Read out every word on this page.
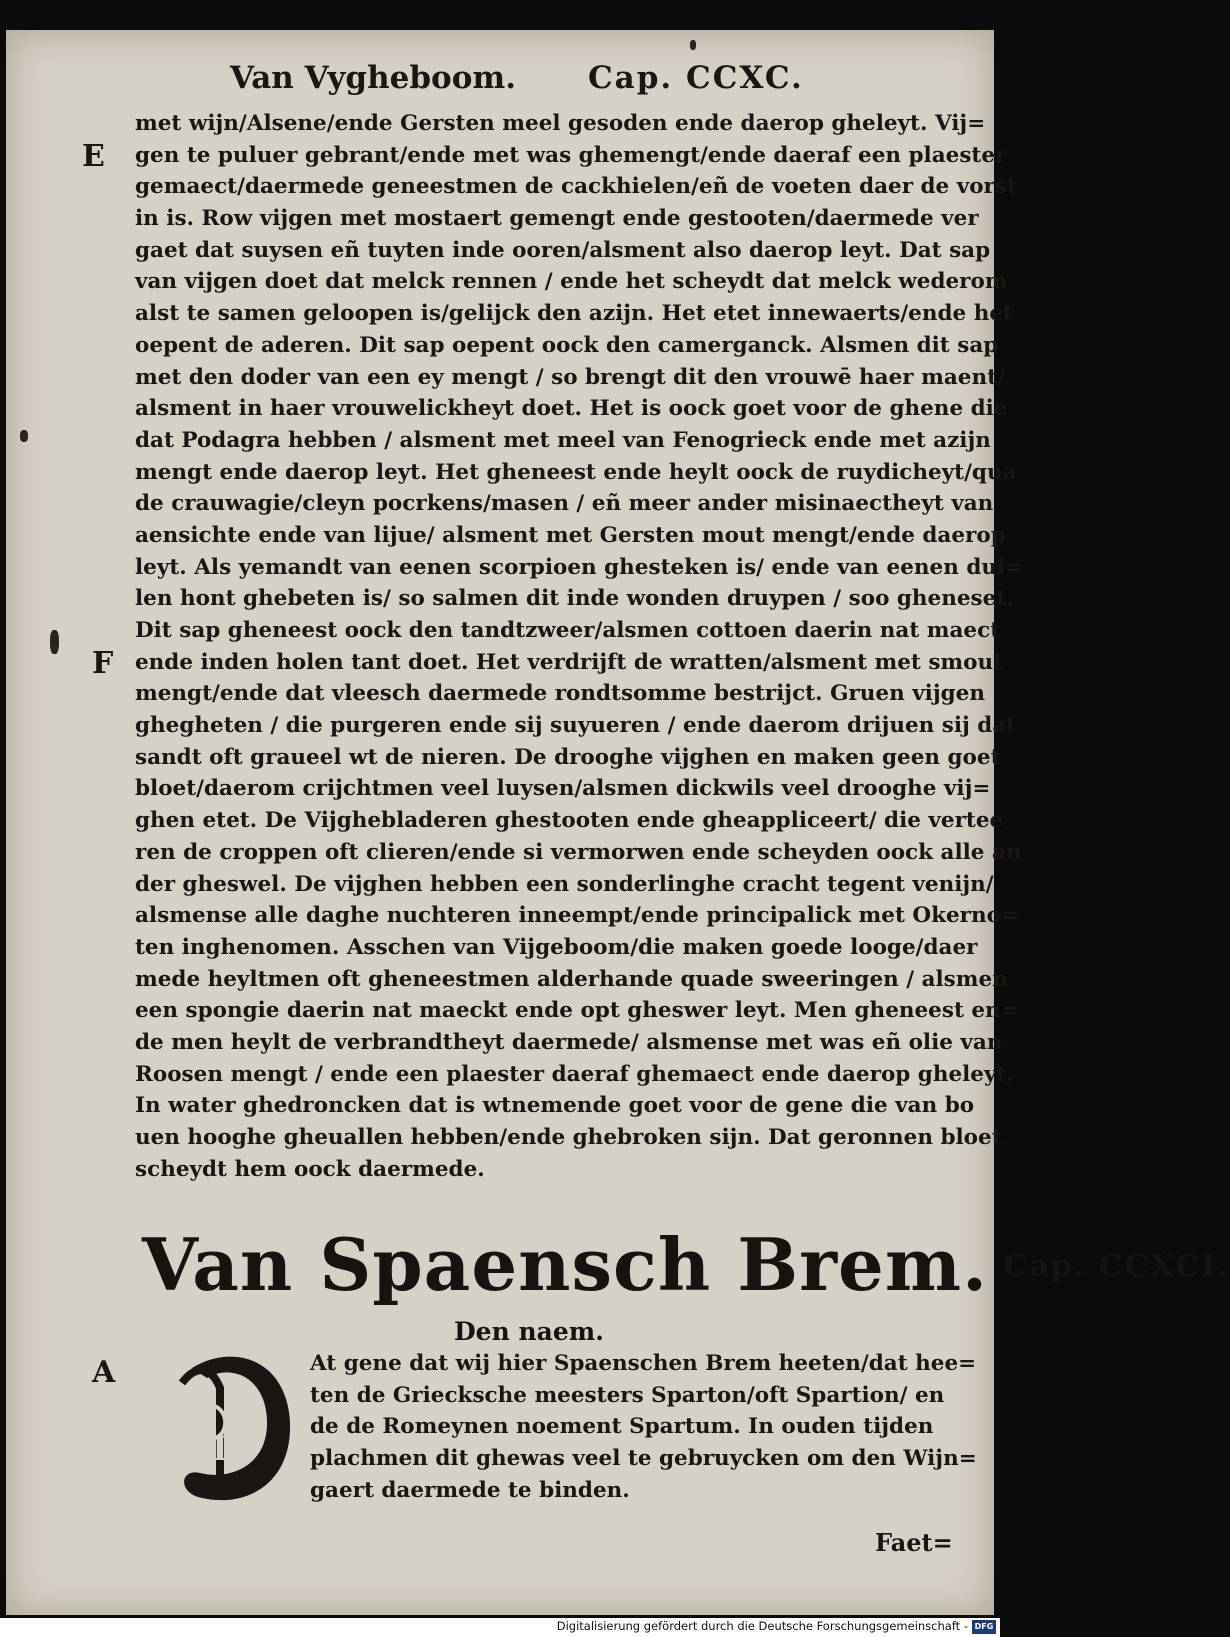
Van Vyghebo​om. Cap. CCXC.
E
F
A
met wijn/Alsene/ende Gersten meel gesoden ende daerop gheleyt. Vij=
gen te puluer gebrant/ende met was ghemengt/ende daeraf een plaester
gemaect/daermede geneestmen de cackhielen/eñ de voeten daer de vorst
in is. Row vijgen met mostaert gemengt ende gestooten/daermede ver
gaet dat suysen eñ tuyten inde ooren/alsment also daerop leyt. Dat sap
van vijgen doet dat melck rennen / ende het scheydt dat melck wederom
alst te samen geloopen is/gelijck den azijn. Het etet innewaerts/ende het
oepent de aderen. Dit sap oepent oock den camerganck. Alsmen dit sap
met den doder van een ey mengt / so brengt dit den vrouwē haer maent/
alsment in haer vrouwelickheyt doet. Het is oock goet voor de ghene die
dat Podagra hebben / alsment met meel van Fenogrieck ende met azijn
mengt ende daerop leyt. Het gheneest ende heylt oock de ruydicheyt/qua
de crauwagie/cleyn pocrkens/masen / eñ meer ander misinaectheyt van
aensichte ende van lijue/ alsment met Gersten mout mengt/ende daerop
leyt. Als yemandt van eenen scorpioen ghesteken is/ ende van eenen dul=
len hont ghebeten is/ so salmen dit inde wonden druypen / soo gheneset.
Dit sap gheneest oock den tandtzweer/alsmen cottoen daerin nat maect
ende inden holen tant doet. Het verdrijft de wratten/alsment met smout
mengt/ende dat vleesch daermede rondtsomme bestrijct. Gruen vijgen
ghegheten / die purgeren ende sij suyueren / ende daerom drijuen sij dat
sandt oft graueel wt de nieren. De drooghe vijghen en maken geen goet
bloet/daerom crijchtmen veel luysen/alsmen dickwils veel drooghe vij=
ghen etet. De Vijghebladeren ghestooten ende gheappliceert/ die vertee
ren de croppen oft clieren/ende si vermorwen ende scheyden oock alle an
der gheswel. De vijghen hebben een sonderlinghe cracht tegent venijn/
alsmense alle daghe nuchteren inneempt/ende principalick met Okerno=
ten inghenomen. Asschen van Vijgeboom/die maken goede looge/daer
mede heyltmen oft gheneestmen alderhande quade sweeringen / alsmen
een spongie daerin nat maeckt ende opt gheswer leyt. Men gheneest en=
de men heylt de verbrandtheyt daermede/ alsmense met was eñ olie van
Roosen mengt / ende een plaester daeraf ghemaect ende daerop gheleyt.
In water ghedroncken dat is wtnemende goet voor de gene die van bo
uen hooghe gheuallen hebben/ende ghebroken sijn. Dat geronnen bloet
scheydt hem oock daermede.
Van Spaensch Brem. Cap. CCXCI.
Den naem.
D
At gene dat wij hier Spaenschen Brem heeten/dat hee=
ten de Griecksche meesters Sparton/oft Spartion/ en
de de Romeynen noement Spartum. In ouden tijden
plachmen dit ghewas veel te gebruycken om den Wijn=
gaert daermede te binden.
Faet=
Digitalisierung gefördert durch die Deutsche Forschungsgemeinschaft - DFG
